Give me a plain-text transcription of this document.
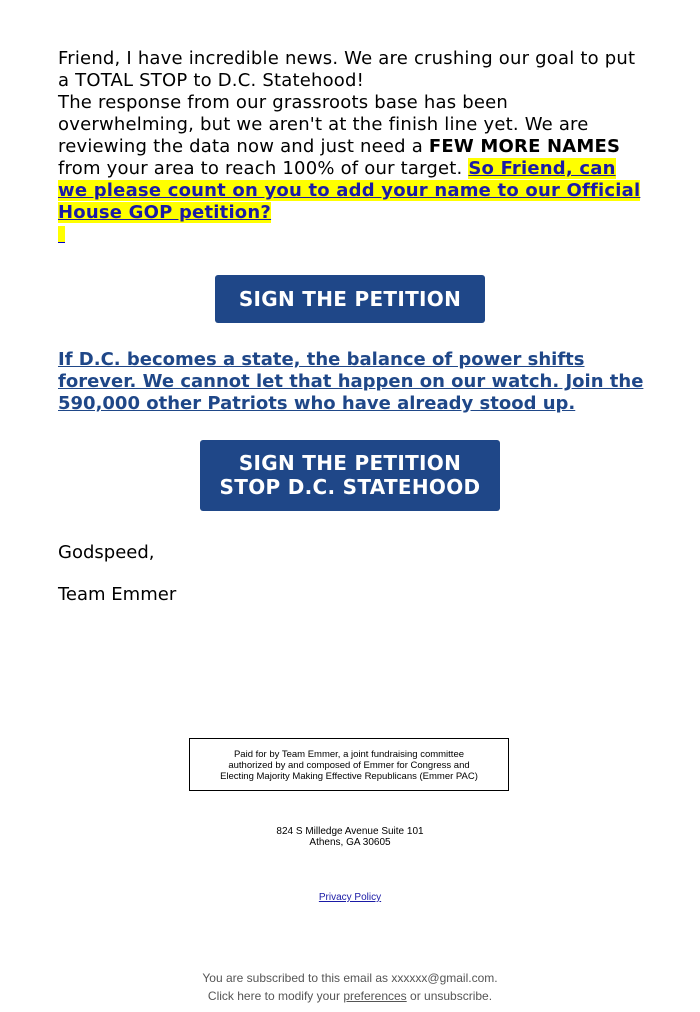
Friend, I have incredible news. We are crushing our goal to put a TOTAL STOP to D.C. Statehood!

The response from our grassroots base has been overwhelming, but we aren't at the finish line yet. We are reviewing the data now and just need a FEW MORE NAMES from your area to reach 100% of our target. So Friend, can we please count on you to add your name to our Official House GOP petition?

SIGN THE PETITION
If D.C. becomes a state, the balance of power shifts forever. We cannot let that happen on our watch. Join the 590,000 other Patriots who have already stood up.
SIGN THE PETITION
STOP D.C. STATEHOOD

Godspeed,

Team Emmer

Paid for by Team Emmer, a joint fundraising committee
authorized by and composed of Emmer for Congress and
Electing Majority Making Effective Republicans (Emmer PAC)
824 S Milledge Avenue Suite 101
Athens, GA 30605
Privacy Policy
You are subscribed to this email as xxxxxx@gmail.com.
Click here to modify your preferences or unsubscribe.
